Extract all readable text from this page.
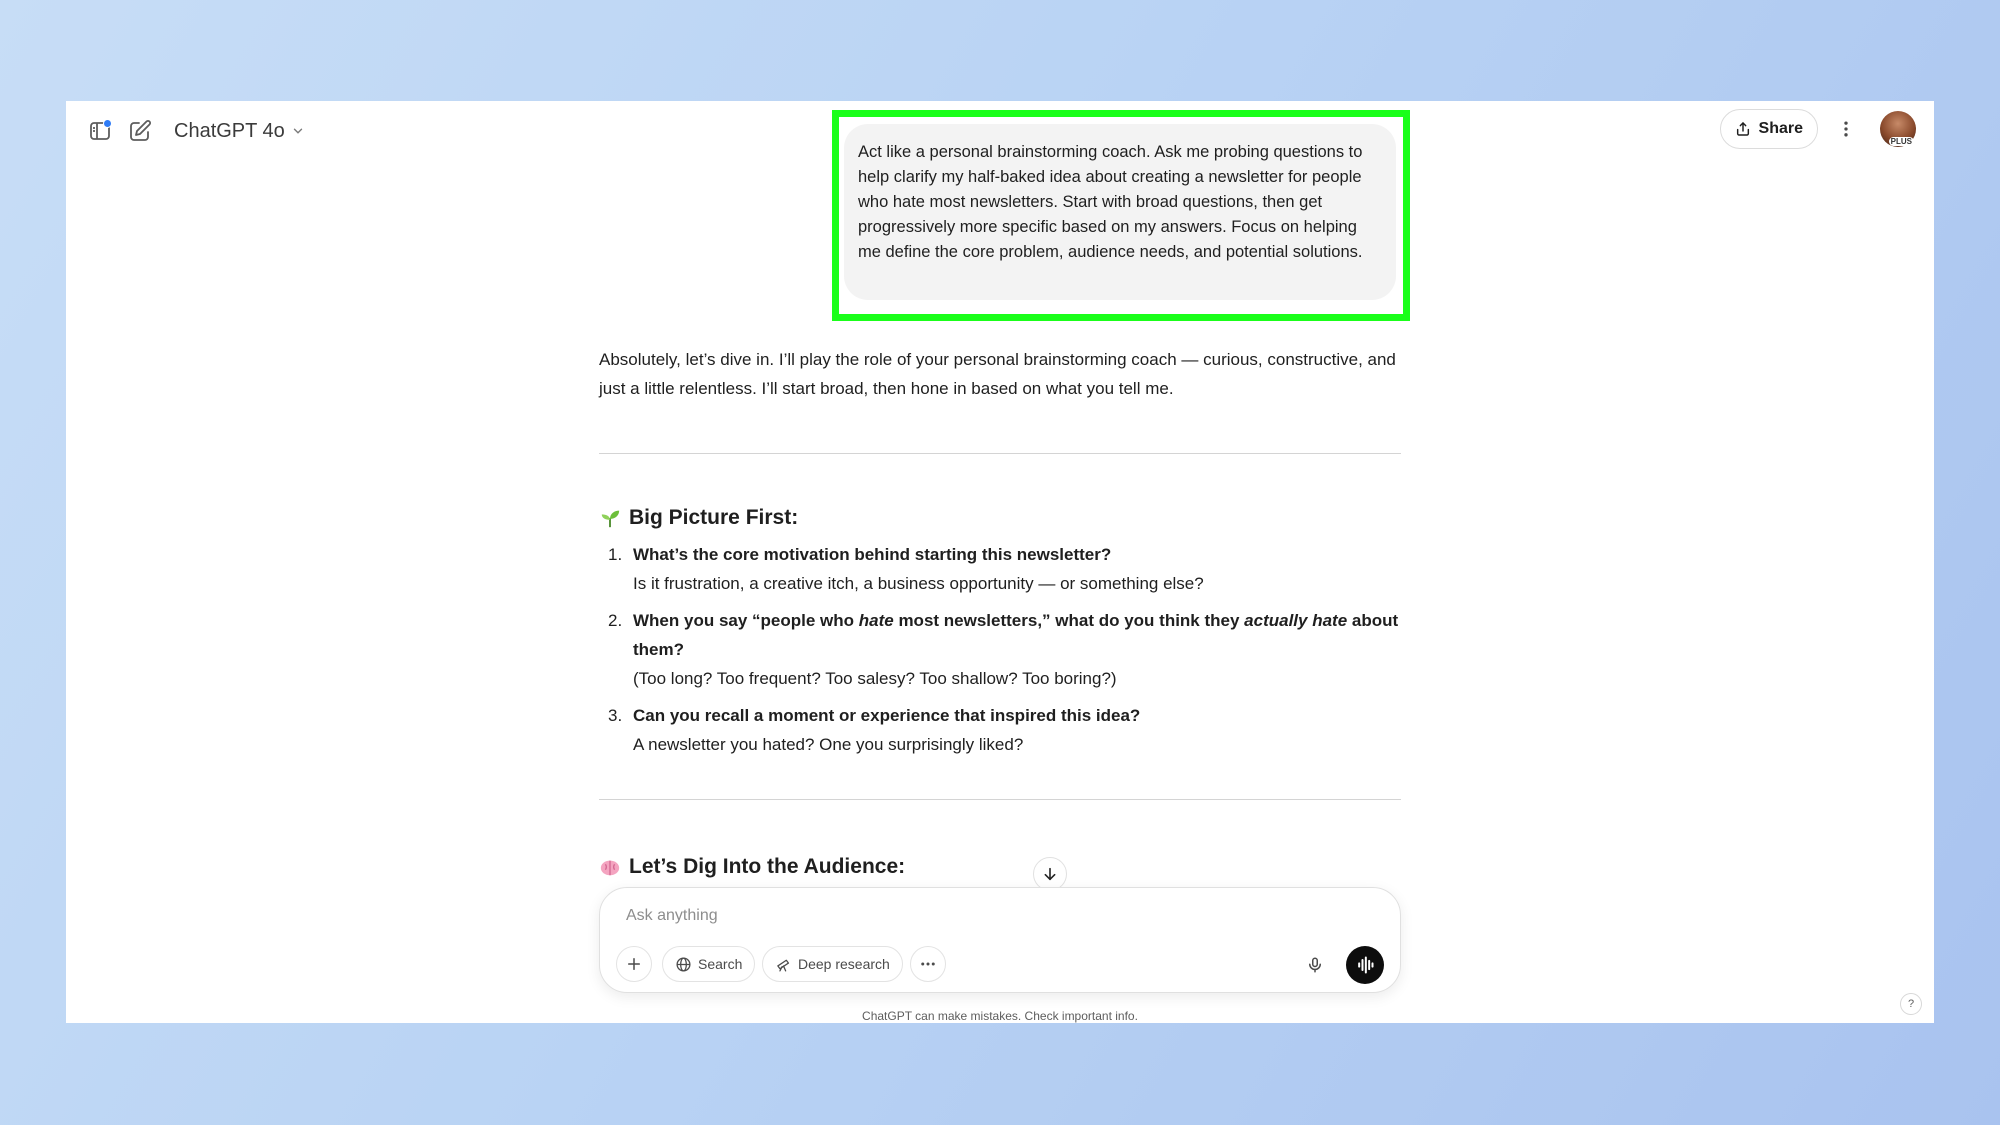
ChatGPT 4o	Share
PLUS
Act like a personal brainstorming coach. Ask me probing questions to help clarify my half-baked idea about creating a newsletter for people who hate most newsletters. Start with broad questions, then get progressively more specific based on my answers. Focus on helping me define the core problem, audience needs, and potential solutions.

Absolutely, let’s dive in. I’ll play the role of your personal brainstorming coach — curious, constructive, and just a little relentless. I’ll start broad, then hone in based on what you tell me.

Big Picture First:
1. What’s the core motivation behind starting this newsletter?
Is it frustration, a creative itch, a business opportunity — or something else?
2. When you say “people who hate most newsletters,” what do you think they actually hate about them?
(Too long? Too frequent? Too salesy? Too shallow? Too boring?)
3. Can you recall a moment or experience that inspired this idea?
A newsletter you hated? One you surprisingly liked?
Let’s Dig Into the Audience:
Ask anything
Search	Deep research
ChatGPT can make mistakes. Check important info.
?
